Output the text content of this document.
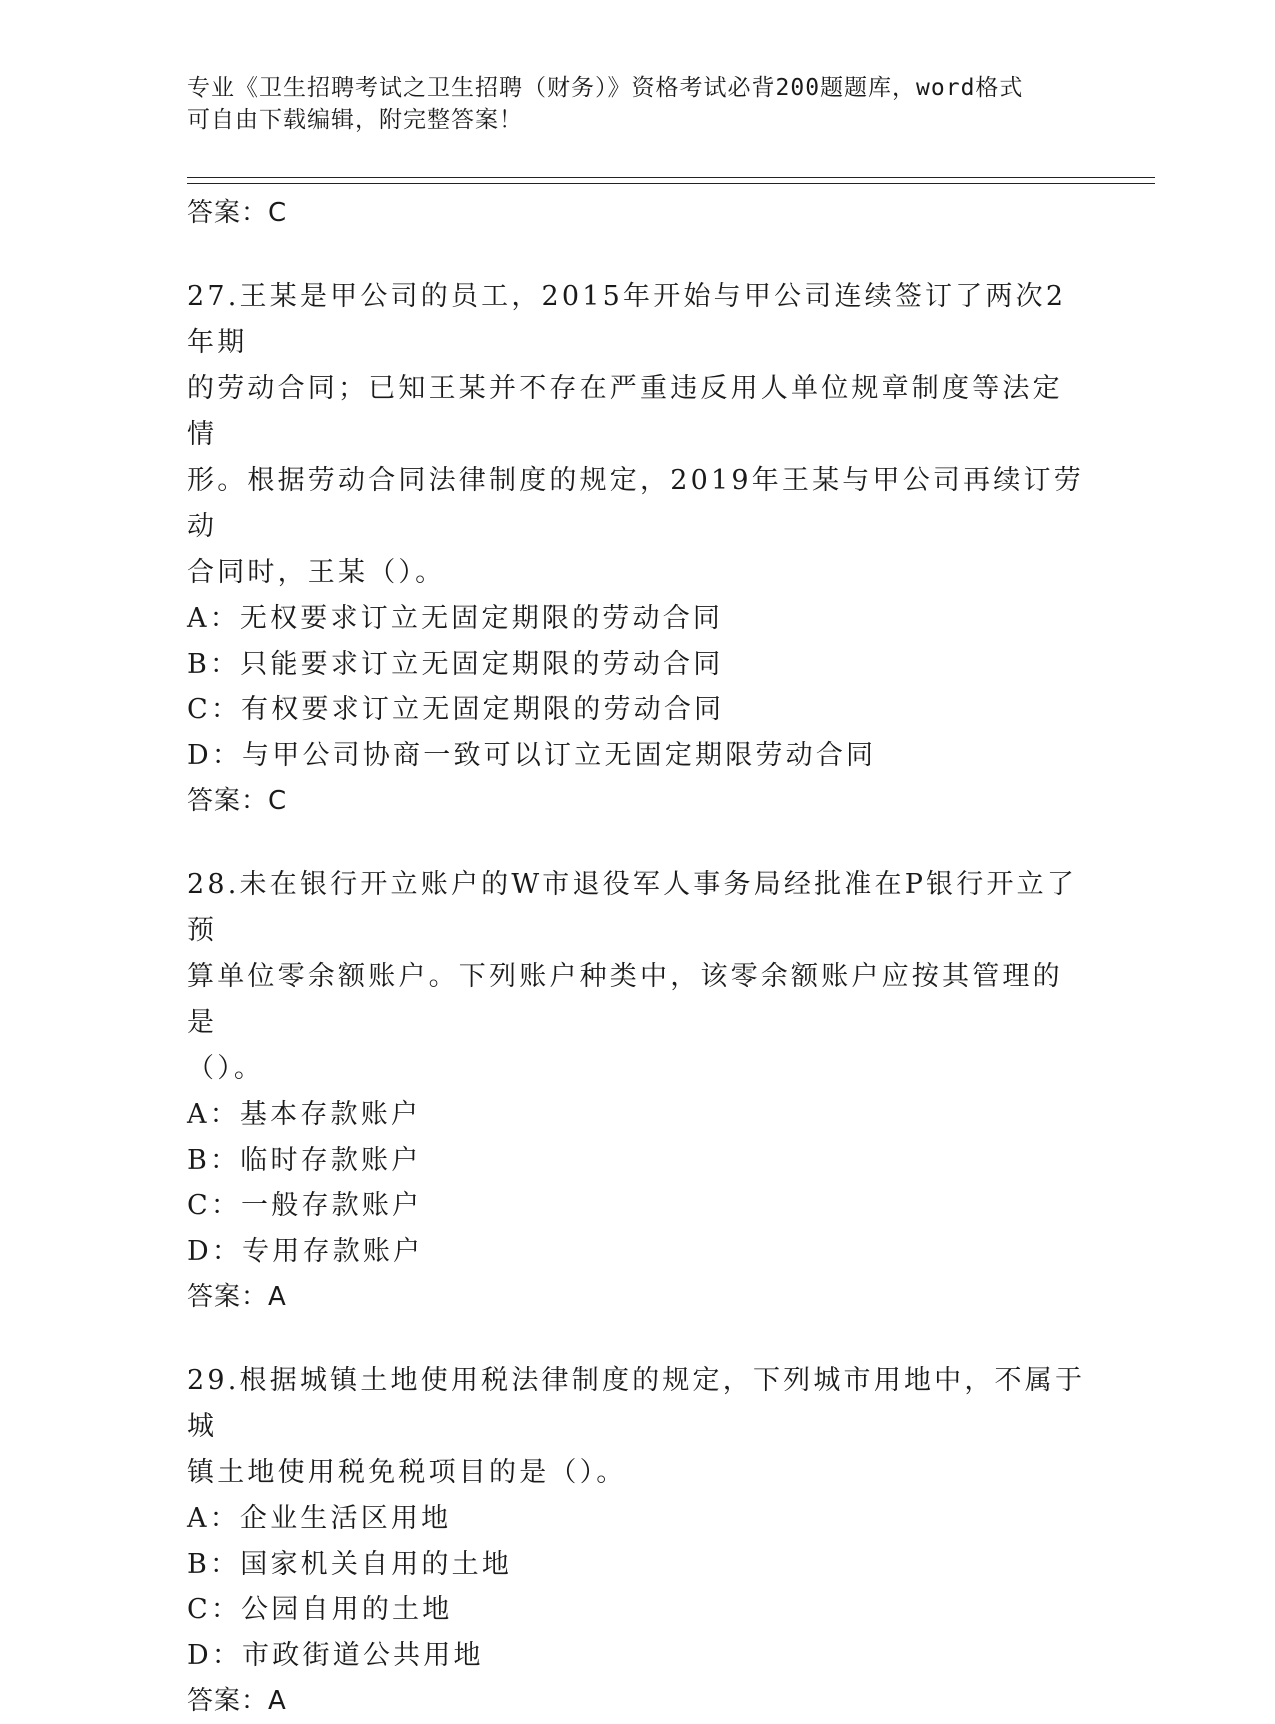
专业《卫生招聘考试之卫生招聘（财务）》资格考试必背200题题库，word格式
可自由下载编辑，附完整答案！
答案：C
27.王某是甲公司的员工，2015年开始与甲公司连续签订了两次2年期
的劳动合同；已知王某并不存在严重违反用人单位规章制度等法定情
形。根据劳动合同法律制度的规定，2019年王某与甲公司再续订劳动
合同时，王某（）。
A：无权要求订立无固定期限的劳动合同
B：只能要求订立无固定期限的劳动合同
C：有权要求订立无固定期限的劳动合同
D：与甲公司协商一致可以订立无固定期限劳动合同
答案：C
28.未在银行开立账户的W市退役军人事务局经批准在P银行开立了预
算单位零余额账户。下列账户种类中，该零余额账户应按其管理的是
（）。
A：基本存款账户
B：临时存款账户
C：一般存款账户
D：专用存款账户
答案：A
29.根据城镇土地使用税法律制度的规定，下列城市用地中，不属于城
镇土地使用税免税项目的是（）。
A：企业生活区用地
B：国家机关自用的土地
C：公园自用的土地
D：市政街道公共用地
答案：A
